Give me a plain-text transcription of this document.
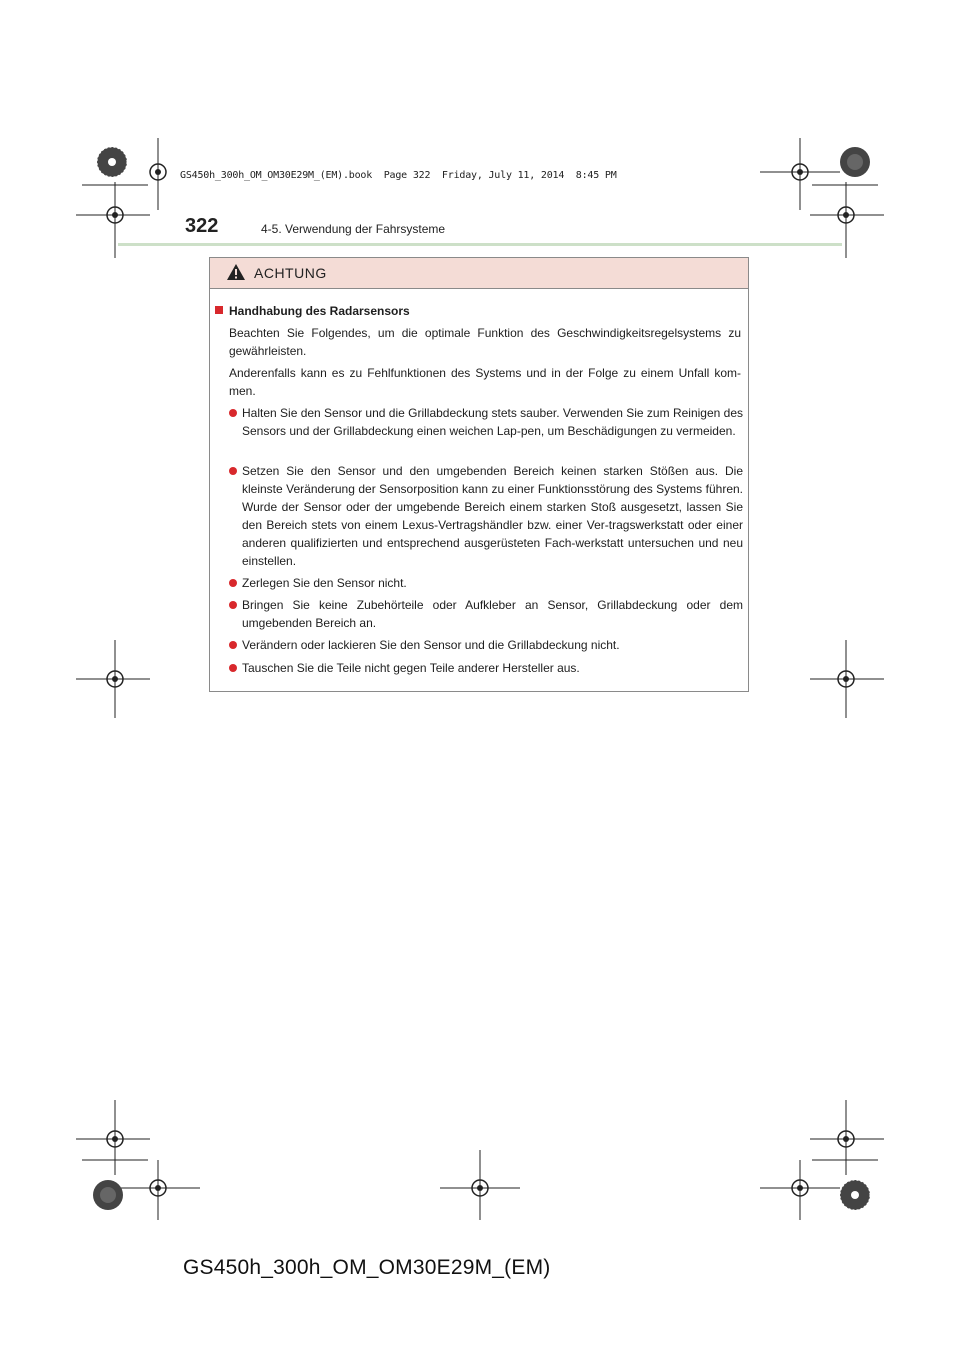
GS450h_300h_OM_OM30E29M_(EM).book  Page 322  Friday, July 11, 2014  8:45 PM
322	4-5. Verwendung der Fahrsysteme
ACHTUNG
Handhabung des Radarsensors

Beachten Sie Folgendes, um die optimale Funktion des Geschwindigkeitsregelsystems zu gewährleisten.

Anderenfalls kann es zu Fehlfunktionen des Systems und in der Folge zu einem Unfall kom-men.

Halten Sie den Sensor und die Grillabdeckung stets sauber. Verwenden Sie zum Reinigen des Sensors und der Grillabdeckung einen weichen Lap-pen, um Beschädigungen zu vermeiden.

Setzen Sie den Sensor und den umgebenden Bereich keinen starken Stößen aus. Die kleinste Veränderung der Sensorposition kann zu einer Funktionsstörung des Systems führen. Wurde der Sensor oder der umgebende Bereich einem starken Stoß ausgesetzt, lassen Sie den Bereich stets von einem Lexus-Vertragshändler bzw. einer Ver-tragswerkstatt oder einer anderen qualifizierten und entsprechend ausgerüsteten Fach-werkstatt untersuchen und neu einstellen.

Zerlegen Sie den Sensor nicht.

Bringen Sie keine Zubehörteile oder Aufkleber an Sensor, Grillabdeckung oder dem umgebenden Bereich an.

Verändern oder lackieren Sie den Sensor und die Grillabdeckung nicht.

Tauschen Sie die Teile nicht gegen Teile anderer Hersteller aus.

GS450h_300h_OM_OM30E29M_(EM)
